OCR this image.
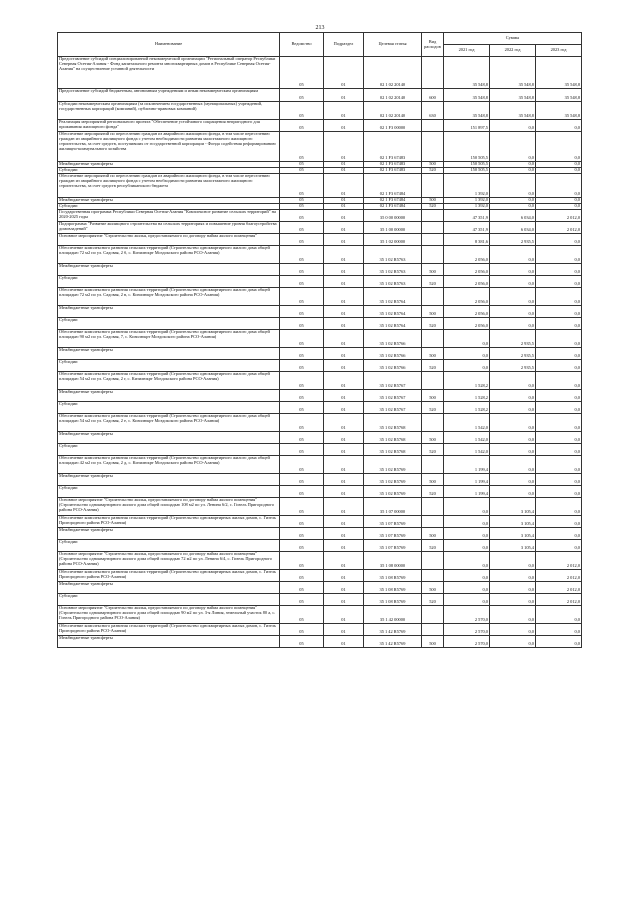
213
Наименование	Ведомство	Подраздел	Целевая статья	Вид расходов	Суммы		
					2021 год	2022 год	2023 год
Предоставление субсидий специализированной некоммерческой организации "Региональный оператор Республики Северная Осетия-Алания - Фонд капитального ремонта многоквартирных домов в Республике Северная Осетия-Алания" на осуществление уставной деятельности	05	01	02 1 02 20140		35 548,8	35 548,8	35 548,8
Предоставление субсидий бюджетным, автономным учреждениям и иным некоммерческим организациям	05	01	02 1 02 20140	600	35 548,8	35 548,8	35 548,8
Субсидии некоммерческим организациям (за исключением государственных (муниципальных) учреждений, государственных корпораций (компаний), публично-правовых компаний)	05	01	02 1 02 20140	630	35 548,8	35 548,8	35 548,8
Реализация мероприятий регионального проекта "Обеспечение устойчивого сокращения непригодного для проживания жилищного фонда"	05	01	02 1 F3 00000		151 897,5	0,0	0,0
Обеспечение мероприятий по переселению граждан из аварийного жилищного фонда, в том числе переселению граждан из аварийного жилищного фонда с учетом необходимости развития малоэтажного жилищного строительства, за счет средств, поступивших от государственной корпорации - Фонда содействия реформированию жилищно-коммунального хозяйства	05	01	02 1 F3 67483		150 505,5	0,0	0,0
Межбюджетные трансферты	05	01	02 1 F3 67483	500	150 505,5	0,0	0,0
Субсидии	05	01	02 1 F3 67483	520	150 505,5	0,0	0,0
Обеспечение мероприятий по переселению граждан из аварийного жилищного фонда, в том числе переселению граждан из аварийного жилищного фонда с учетом необходимости развития малоэтажного жилищного строительства, за счет средств республиканского бюджета	05	01	02 1 F3 67484		1 392,0	0,0	0,0
Межбюджетные трансферты	05	01	02 1 F3 67484	500	1 392,0	0,0	0,0
Субсидии	05	01	02 1 F3 67484	520	1 392,0	0,0	0,0
Государственная программа Республики Северная Осетия-Алания "Комплексное развитие сельских территорий" на 2020-2025 годы	05	01	35 0 00 00000		47 351,9	6 034,0	2 012,0
Подпрограмма "Развитие жилищного строительства на сельских территориях и повышение уровня благоустройства домовладений"	05	01	35 1 00 00000		47 351,9	6 034,0	2 012,0
Основное мероприятие "Строительство жилья, предоставляемого по договору найма жилого помещения"	05	01	35 1 02 00000		8 381,6	2 935,5	0,0
Обеспечение комплексного развития сельских территорий (Строительство одноквартирного жилого дома общей площадью 72 м2 по ул. Садовая, 2 б, с. Кизилюкрт Моздокского района РСО-Алания)	05	01	35 1 02 R5763		2 056,0	0,0	0,0
Межбюджетные трансферты	05	01	35 1 02 R5763	500	2 056,0	0,0	0,0
Субсидии	05	01	35 1 02 R5763	520	2 056,0	0,0	0,0
Обеспечение комплексного развития сельских территорий (Строительство одноквартирного жилого дома общей площадью 72 м2 по ул. Садовая, 2 в, с. Кизилюкрт Моздокского района РСО-Алания)	05	01	35 1 02 R5764		2 056,0	0,0	0,0
Межбюджетные трансферты	05	01	35 1 02 R5764	500	2 056,0	0,0	0,0
Субсидии	05	01	35 1 02 R5764	520	2 056,0	0,0	0,0
Обеспечение комплексного развития сельских территорий (Строительство одноквартирного жилого дома общей площадью 90 м2 по ул. Садовая, 7, с. Кизилюкрт Моздокского района РСО-Алания)	05	01	35 1 02 R5766		0,0	2 935,5	0,0
Межбюджетные трансферты	05	01	35 1 02 R5766	500	0,0	2 935,5	0,0
Субсидии	05	01	35 1 02 R5766	520	0,0	2 935,5	0,0
Обеспечение комплексного развития сельских территорий (Строительство одноквартирного жилого дома общей площадью 54 м2 по ул. Садовая, 2 г, с. Кизилюкрт Моздокского района РСО-Алания)	05	01	35 1 02 R5767		1 528,2	0,0	0,0
Межбюджетные трансферты	05	01	35 1 02 R5767	500	1 528,2	0,0	0,0
Субсидии	05	01	35 1 02 R5767	520	1 528,2	0,0	0,0
Обеспечение комплексного развития сельских территорий (Строительство одноквартирного жилого дома общей площадью 54 м2 по ул. Садовая, 2 е, с. Кизилюкрт Моздокского района РСО-Алания)	05	01	35 1 02 R5768		1 542,0	0,0	0,0
Межбюджетные трансферты	05	01	35 1 02 R5768	500	1 542,0	0,0	0,0
Субсидии	05	01	35 1 02 R5768	520	1 542,0	0,0	0,0
Обеспечение комплексного развития сельских территорий (Строительство одноквартирного жилого дома общей площадью 42 м2 по ул. Садовая, 2 д, с. Кизилюкрт Моздокского района РСО-Алания)	05	01	35 1 02 R5769		1 199,4	0,0	0,0
Межбюджетные трансферты	05	01	35 1 02 R5769	500	1 199,4	0,0	0,0
Субсидии	05	01	35 1 02 R5769	520	1 199,4	0,0	0,0
Основное мероприятие "Строительство жилья, предоставляемого по договору найма жилого помещения" (Строительство одноквартирного жилого дома общей площадью 108 м2 по ул. Ленина 6/2, с. Гизель Пригородного района РСО-Алания)	05	01	35 1 07 00000		0,0	3 105,4	0,0
Обеспечение комплексного развития сельских территорий (Строительство одноквартирных жилых домов, с. Гизель Пригородного района РСО-Алания)	05	01	35 1 07 R5769		0,0	3 105,4	0,0
Межбюджетные трансферты	05	01	35 1 07 R5769	500	0,0	3 105,4	0,0
Субсидии	05	01	35 1 07 R5769	520	0,0	3 105,4	0,0
Основное мероприятие "Строительство жилья, предоставляемого по договору найма жилого помещения" (Строительство одноквартирного жилого дома общей площадью 72 м2 по ул. Ленина 6/4, с. Гизель Пригородного района РСО-Алания)	05	01	35 1 08 00000		0,0	0,0	2 012,0
Обеспечение комплексного развития сельских территорий (Строительство одноквартирных жилых домов, с. Гизель Пригородного района РСО-Алания)	05	01	35 1 08 R5769		0,0	0,0	2 012,0
Межбюджетные трансферты	05	01	35 1 08 R5769	500	0,0	0,0	2 012,0
Субсидии	05	01	35 1 08 R5769	520	0,0	0,0	2 012,0
Основное мероприятие "Строительство жилья, предоставляемого по договору найма жилого помещения" (Строительство одноквартирного жилого дома общей площадью 90 м2 по ул. 3-я Линия, земельный участок 80 а, с. Гизель Пригородного района РСО-Алания)	05	01	35 1 42 00000		2 570,0	0,0	0,0
Обеспечение комплексного развития сельских территорий (Строительство одноквартирных жилых домов, с. Гизель Пригородного района РСО-Алания)	05	01	35 1 42 R5769		2 570,0	0,0	0,0
Межбюджетные трансферты	05	01	35 1 42 R5769	500	2 570,0	0,0	0,0
